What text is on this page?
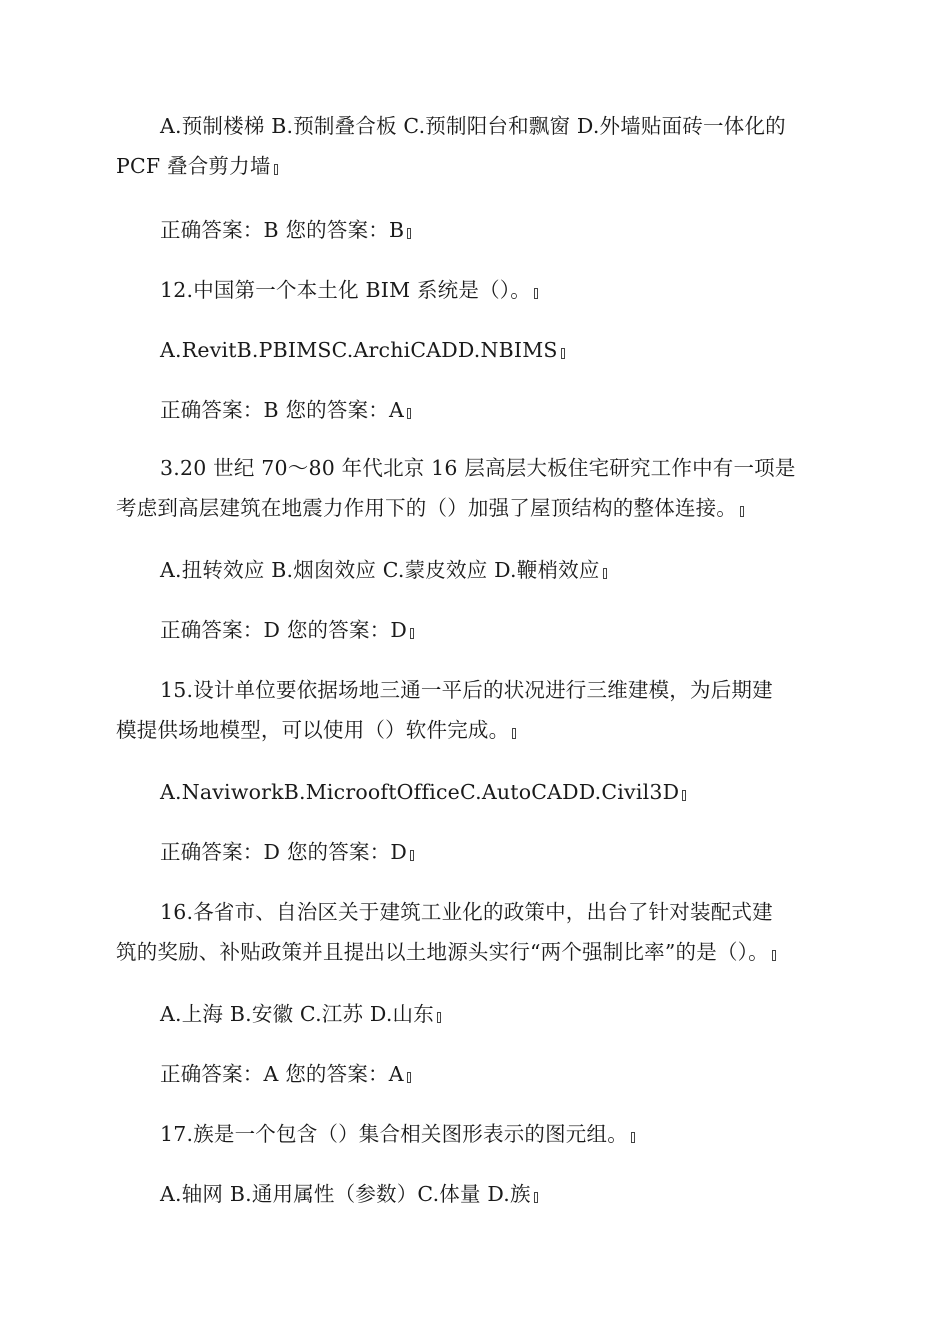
A.预制楼梯 B.预制叠合板 C.预制阳台和飘窗 D.外墙贴面砖一体化的
PCF 叠合剪力墙
正确答案：B 您的答案：B
12.中国第一个本土化 BIM 系统是（）。
A.RevitB.PBIMSC.ArchiCADD.NBIMS
正确答案：B 您的答案：A
3.20 世纪 70～80 年代北京 16 层高层大板住宅研究工作中有一项是
考虑到高层建筑在地震力作用下的（）加强了屋顶结构的整体连接。
A.扭转效应 B.烟囱效应 C.蒙皮效应 D.鞭梢效应
正确答案：D 您的答案：D
15.设计单位要依据场地三通一平后的状况进行三维建模，为后期建
模提供场地模型，可以使用（）软件完成。
A.NaviworkB.MicrooftOfficeC.AutoCADD.Civil3D
正确答案：D 您的答案：D
16.各省市、自治区关于建筑工业化的政策中，出台了针对装配式建
筑的奖励、补贴政策并且提出以土地源头实行“两个强制比率”的是（）。
A.上海 B.安徽 C.江苏 D.山东
正确答案：A 您的答案：A
17.族是一个包含（）集合相关图形表示的图元组。
A.轴网 B.通用属性（参数）C.体量 D.族
